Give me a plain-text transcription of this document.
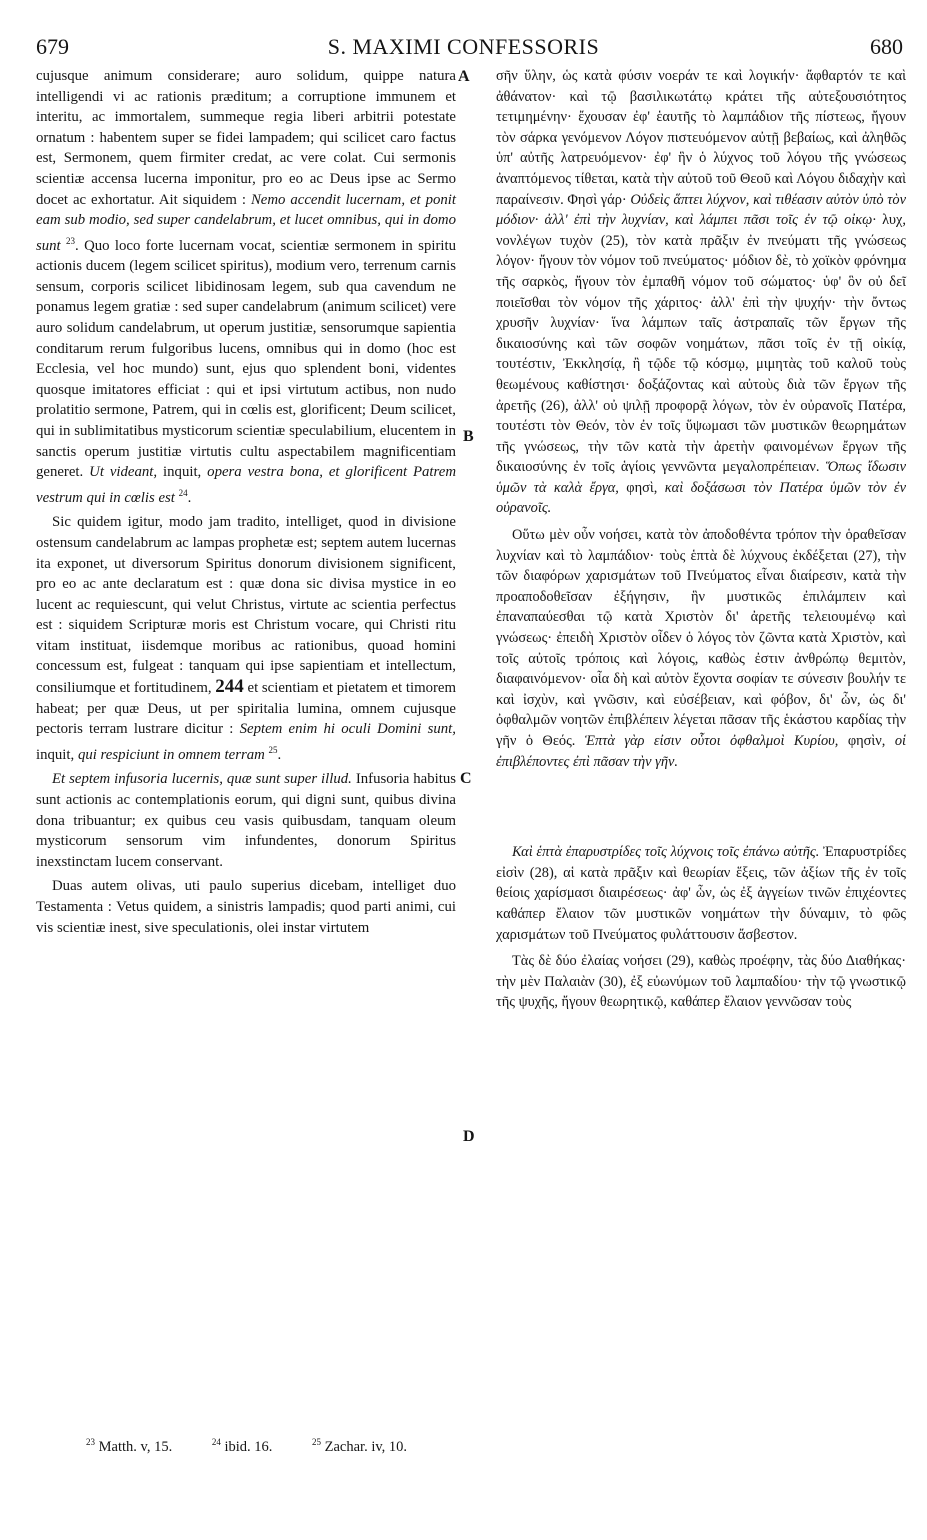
679	S. MAXIMI CONFESSORIS	680
A
B
C
D

cujusque animum considerare; auro solidum, quippe natura intelligendi vi ac rationis præditum; a corruptione immunem et interitu, ac immortalem, summeque regia liberi arbitrii potestate ornatum : habentem super se fidei lampadem; qui scilicet caro factus est, Sermonem, quem firmiter credat, ac vere colat. Cui sermonis scientiæ accensa lucerna imponitur, pro eo ac Deus ipse ac Sermo docet ac exhortatur. Ait siquidem : Nemo accendit lucernam, et ponit eam sub modio, sed super candelabrum, et lucet omnibus, qui in domo sunt $^{23}$. Quo loco forte lucernam vocat, scientiæ sermonem in spiritu actionis ducem (legem scilicet spiritus), modium vero, terrenum carnis sensum, corporis scilicet libidinosam legem, sub qua cavendum ne ponamus legem gratiæ : sed super candelabrum (animum scilicet) vere auro solidum candelabrum, ut operum justitiæ, sensorumque sapientia conditarum rerum fulgoribus lucens, omnibus qui in domo (hoc est Ecclesia, vel hoc mundo) sunt, ejus quo splendent boni, videntes quosque imitatores efficiat : qui et ipsi virtutum actibus, non nudo prolatitio sermone, Patrem, qui in cœlis est, glorificent; Deum scilicet, qui in sublimitatibus mysticorum scientiæ speculabilium, elucentem in sanctis operum justitiæ virtutis cultu aspectabilem magnificentiam generet. Ut videant, inquit, opera vestra bona, et glorificent Patrem vestrum qui in cœlis est $^{24}$.

Sic quidem igitur, modo jam tradito, intelliget, quod in divisione ostensum candelabrum ac lampas prophetæ est; septem autem lucernas ita exponet, ut diversorum Spiritus donorum divisionem significent, pro eo ac ante declaratum est : quæ dona sic divisa mystice in eo lucent ac requiescunt, qui velut Christus, virtute ac scientia perfectus est : siquidem Scripturæ moris est Christum vocare, qui Christi ritu vitam instituat, iisdemque moribus ac rationibus, quoad homini concessum est, fulgeat : tanquam qui ipse sapientiam et intellectum, consiliumque et fortitudinem, 244 et scientiam et pietatem et timorem habeat; per quæ Deus, ut per spiritalia lumina, omnem cujusque pectoris terram lustrare dicitur : Septem enim hi oculi Domini sunt, inquit, qui respiciunt in omnem terram $^{25}$.

Et septem infusoria lucernis, quæ sunt super illud. Infusoria habitus sunt actionis ac contemplationis eorum, qui digni sunt, quibus divina dona tribuantur; ex quibus ceu vasis quibusdam, tanquam oleum mysticorum sensorum vim infundentes, donorum Spiritus inexstinctam lucem conservant.

Duas autem olivas, uti paulo superius dicebam, intelliget duo Testamenta : Vetus quidem, a sinistris lampadis; quod parti animi, cui vis scientiæ inest, sive speculationis, olei instar virtutem

σῆν ὕλην, ὡς κατὰ φύσιν νοεράν τε καὶ λογικήν· ἄφθαρτόν τε καὶ ἀθάνατον· καὶ τῷ βασιλικωτάτῳ κράτει τῆς αὐτεξουσιότητος τετιμημένην· ἔχουσαν ἐφ' ἑαυτῆς τὸ λαμπάδιον τῆς πίστεως, ἤγουν τὸν σάρκα γενόμενον Λόγον πιστευόμενον αὐτῇ βεβαίως, καὶ ἀληθῶς ὑπ' αὐτῆς λατρευόμενον· ἐφ' ἣν ὁ λύχνος τοῦ λόγου τῆς γνώσεως ἀναπτόμενος τίθεται, κατὰ τὴν αὐτοῦ τοῦ Θεοῦ καὶ Λόγου διδαχὴν καὶ παραίνεσιν. Φησὶ γάρ· Οὐδεὶς ἅπτει λύχνον, καὶ τιθέασιν αὐτὸν ὑπὸ τὸν μόδιον· ἀλλ' ἐπὶ τὴν λυχνίαν, καὶ λάμπει πᾶσι τοῖς ἐν τῷ οἰκῳ· λυχ, νονλέγων τυχὸν (25), τὸν κατὰ πρᾶξιν ἐν πνεύματι τῆς γνώσεως λόγον· ἤγουν τὸν νόμον τοῦ πνεύματος· μόδιον δὲ, τὸ χοϊκὸν φρόνημα τῆς σαρκὸς, ἤγουν τὸν ἐμπαθῆ νόμον τοῦ σώματος· ὑφ' ὃν οὐ δεῖ ποιεῖσθαι τὸν νόμον τῆς χάριτος· ἀλλ' ἐπὶ τὴν ψυχήν· τὴν ὄντως χρυσῆν λυχνίαν· ἵνα λάμπων ταῖς ἀστραπαῖς τῶν ἔργων τῆς δικαιοσύνης καὶ τῶν σοφῶν νοημάτων, πᾶσι τοῖς ἐν τῇ οἰκίᾳ, τουτέστιν, Ἐκκλησίᾳ, ἢ τῷδε τῷ κόσμῳ, μιμητὰς τοῦ καλοῦ τοὺς θεωμένους καθίστησι· δοξάζοντας καὶ αὐτοὺς διὰ τῶν ἔργων τῆς ἀρετῆς (26), ἀλλ' οὐ ψιλῇ προφορᾷ λόγων, τὸν ἐν οὐρανοῖς Πατέρα, τουτέστι τὸν Θεόν, τὸν ἐν τοῖς ὕψωμασι τῶν μυστικῶν θεωρημάτων τῆς γνώσεως, τὴν τῶν κατὰ τὴν ἀρετὴν φαινομένων ἔργων τῆς δικαιοσύνης ἐν τοῖς ἁγίοις γεννῶντα μεγαλοπρέπειαν. Ὅπως ἴδωσιν ὑμῶν τὰ καλὰ ἔργα, φησὶ, καὶ δοξάσωσι τὸν Πατέρα ὑμῶν τὸν ἐν οὐρανοῖς.

Οὕτω μὲν οὖν νοήσει, κατὰ τὸν ἀποδοθέντα τρόπον τὴν ὁραθεῖσαν λυχνίαν καὶ τὸ λαμπάδιον· τοὺς ἑπτὰ δὲ λύχνους ἐκδέξεται (27), τὴν τῶν διαφόρων χαρισμάτων τοῦ Πνεύματος εἶναι διαίρεσιν, κατὰ τὴν προαποδοθεῖσαν ἐξήγησιν, ἣν μυστικῶς ἐπιλάμπειν καὶ ἐπαναπαύεσθαι τῷ κατὰ Χριστὸν δι' ἀρετῆς τελειουμένῳ καὶ γνώσεως· ἐπειδὴ Χριστὸν οἶδεν ὁ λόγος τὸν ζῶντα κατὰ Χριστὸν, καὶ τοῖς αὐτοῖς τρόποις καὶ λόγοις, καθὼς ἐστιν ἀνθρώπῳ θεμιτὸν, διαφαινόμενον· οἷα δὴ καὶ αὐτὸν ἔχοντα σοφίαν τε σύνεσιν βουλήν τε καὶ ἰσχὺν, καὶ γνῶσιν, καὶ εὐσέβειαν, καὶ φόβον, δι' ὧν, ὡς δι' ὀφθαλμῶν νοητῶν ἐπιβλέπειν λέγεται πᾶσαν τῆς ἑκάστου καρδίας τὴν γῆν ὁ Θεός. Ἑπτὰ γὰρ εἰσιν οὗτοι ὀφθαλμοὶ Κυρίου, φησὶν, οἱ ἐπιβλέποντες ἐπὶ πᾶσαν τὴν γῆν.

Καὶ ἑπτὰ ἐπαρυστρίδες τοῖς λύχνοις τοῖς ἐπάνω αὐτῆς. Ἐπαρυστρίδες εἰσὶν (28), αἱ κατὰ πρᾶξιν καὶ θεωρίαν ἕξεις, τῶν ἀξίων τῆς ἐν τοῖς θείοις χαρίσμασι διαιρέσεως· ἀφ' ὧν, ὡς ἐξ ἀγγείων τινῶν ἐπιχέοντες καθάπερ ἔλαιον τῶν μυστικῶν νοημάτων τὴν δύναμιν, τὸ φῶς χαρισμάτων τοῦ Πνεύματος φυλάττουσιν ἄσβεστον.

Τὰς δὲ δύο ἐλαίας νοήσει (29), καθὼς προέφην, τὰς δύο Διαθήκας· τὴν μὲν Παλαιὰν (30), ἐξ εὐωνύμων τοῦ λαμπαδίου· τὴν τῷ γνωστικῷ τῆς ψυχῆς, ἤγουν θεωρητικῷ, καθάπερ ἔλαιον γεννῶσαν τοὺς

$^{23}$ Matth. v, 15.	$^{24}$ ibid. 16.	$^{25}$ Zachar. iv, 10.
